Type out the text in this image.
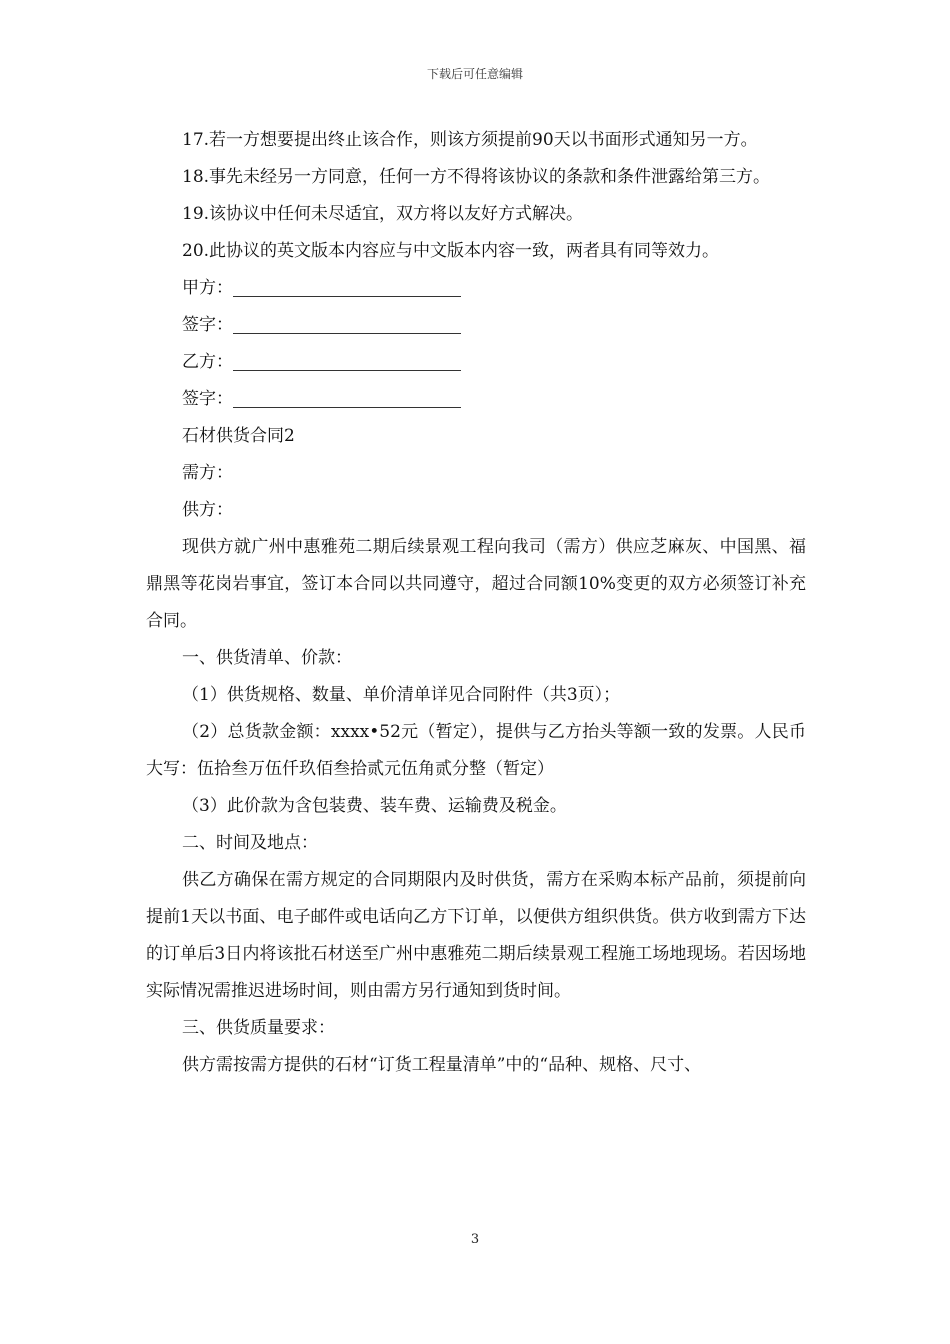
下载后可任意编辑

17.若一方想要提出终止该合作，则该方须提前90天以书面形式通知另一方。

18.事先未经另一方同意，任何一方不得将该协议的条款和条件泄露给第三方。

19.该协议中任何未尽适宜，双方将以友好方式解决。

20.此协议的英文版本内容应与中文版本内容一致，两者具有同等效力。

甲方：
签字：
乙方：
签字：

石材供货合同2

需方：

供方：

现供方就广州中惠雅苑二期后续景观工程向我司（需方）供应芝麻灰、中国黑、福鼎黑等花岗岩事宜，签订本合同以共同遵守，超过合同额10%变更的双方必须签订补充合同。

一、供货清单、价款：

（1）供货规格、数量、单价清单详见合同附件（共3页）；

（2）总货款金额：xxxx•52元（暂定），提供与乙方抬头等额一致的发票。人民币大写：伍拾叁万伍仟玖佰叁拾贰元伍角贰分整（暂定）

（3）此价款为含包装费、装车费、运输费及税金。

二、时间及地点：

供乙方确保在需方规定的合同期限内及时供货，需方在采购本标产品前，须提前向提前1天以书面、电子邮件或电话向乙方下订单，以便供方组织供货。供方收到需方下达的订单后3日内将该批石材送至广州中惠雅苑二期后续景观工程施工场地现场。若因场地实际情况需推迟进场时间，则由需方另行通知到货时间。

三、供货质量要求：

供方需按需方提供的石材“订货工程量清单”中的“品种、规格、尺寸、

3
